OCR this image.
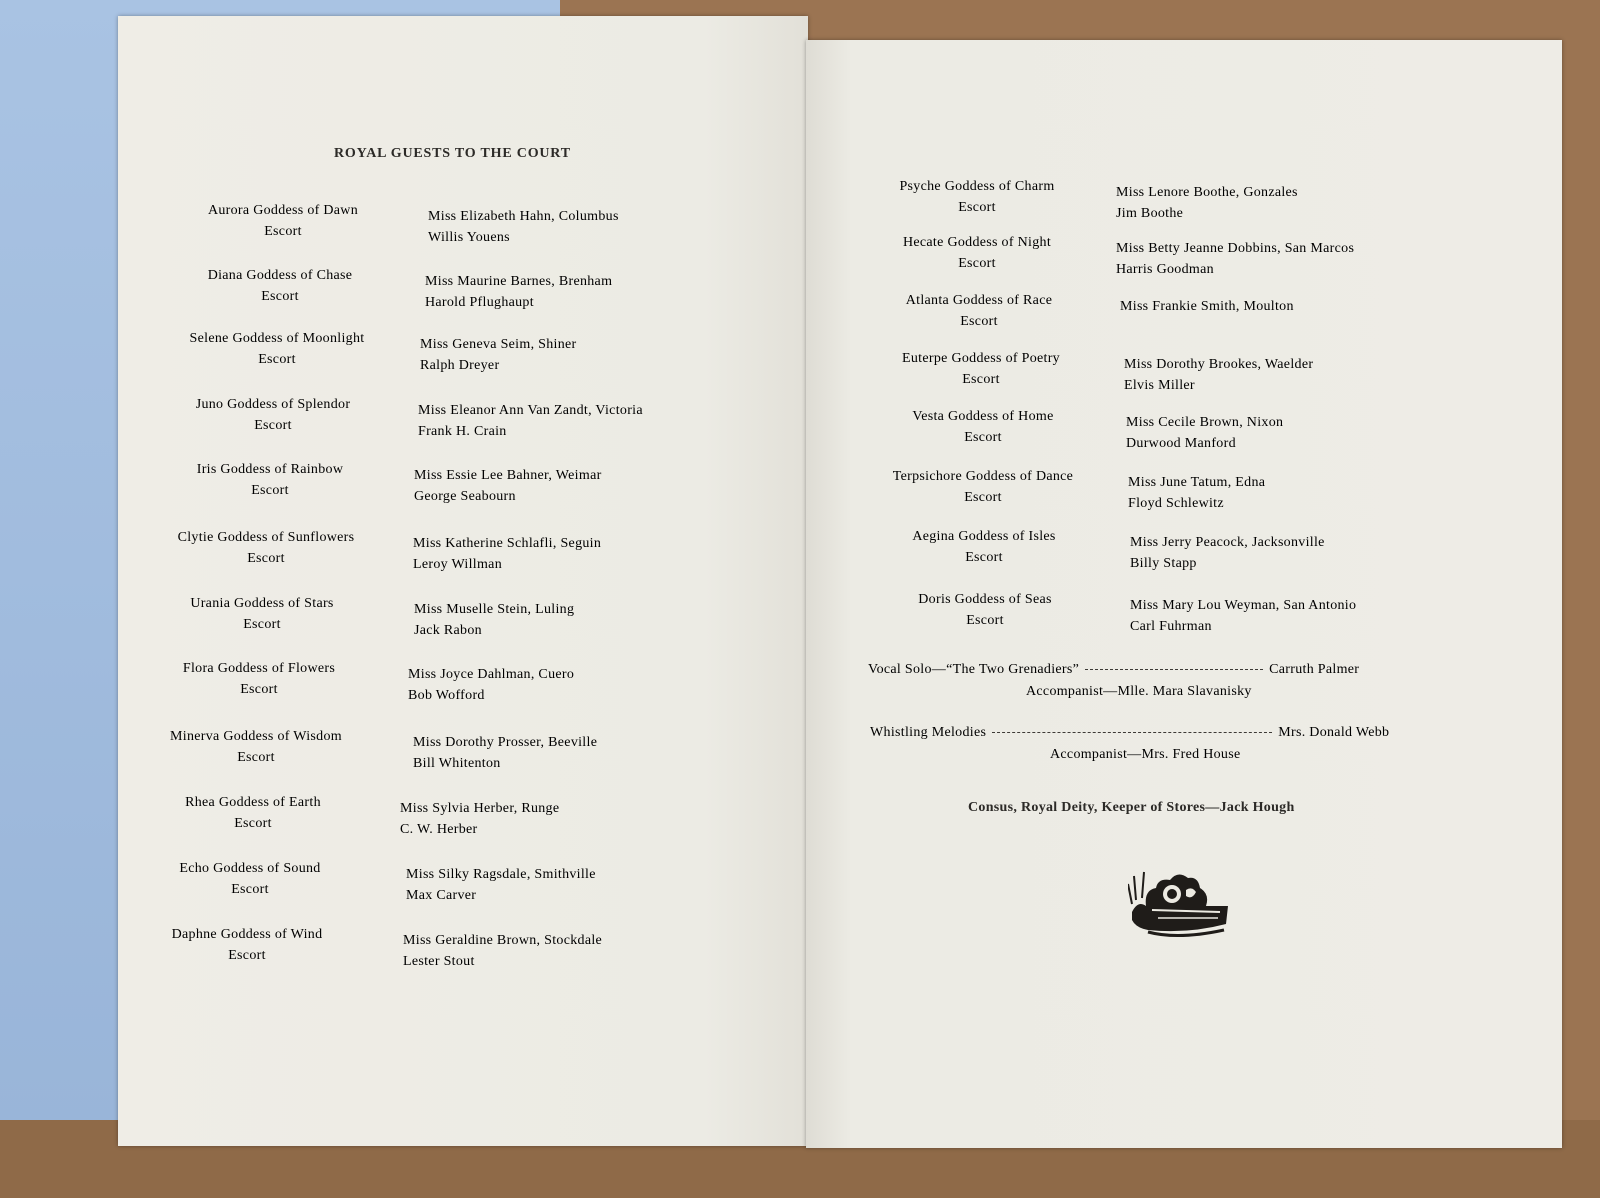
ROYAL GUESTS TO THE COURT
Aurora Goddess of Dawn
Escort
Miss Elizabeth Hahn, Columbus
Willis Youens
Diana Goddess of Chase
Escort
Miss Maurine Barnes, Brenham
Harold Pflughaupt
Selene Goddess of Moonlight
Escort
Miss Geneva Seim, Shiner
Ralph Dreyer
Juno Goddess of Splendor
Escort
Miss Eleanor Ann Van Zandt, Victoria
Frank H. Crain
Iris Goddess of Rainbow
Escort
Miss Essie Lee Bahner, Weimar
George Seabourn
Clytie Goddess of Sunflowers
Escort
Miss Katherine Schlafli, Seguin
Leroy Willman
Urania Goddess of Stars
Escort
Miss Muselle Stein, Luling
Jack Rabon
Flora Goddess of Flowers
Escort
Miss Joyce Dahlman, Cuero
Bob Wofford
Minerva Goddess of Wisdom
Escort
Miss Dorothy Prosser, Beeville
Bill Whitenton
Rhea Goddess of Earth
Escort
Miss Sylvia Herber, Runge
C. W. Herber
Echo Goddess of Sound
Escort
Miss Silky Ragsdale, Smithville
Max Carver
Daphne Goddess of Wind
Escort
Miss Geraldine Brown, Stockdale
Lester Stout
Psyche Goddess of Charm
Escort
Miss Lenore Boothe, Gonzales
Jim Boothe
Hecate Goddess of Night
Escort
Miss Betty Jeanne Dobbins, San Marcos
Harris Goodman
Atlanta Goddess of Race
Escort
Miss Frankie Smith, Moulton
Euterpe Goddess of Poetry
Escort
Miss Dorothy Brookes, Waelder
Elvis Miller
Vesta Goddess of Home
Escort
Miss Cecile Brown, Nixon
Durwood Manford
Terpsichore Goddess of Dance
Escort
Miss June Tatum, Edna
Floyd Schlewitz
Aegina Goddess of Isles
Escort
Miss Jerry Peacock, Jacksonville
Billy Stapp
Doris Goddess of Seas
Escort
Miss Mary Lou Weyman, San Antonio
Carl Fuhrman
Vocal Solo—“The Two Grenadiers”	Carruth Palmer
Accompanist—Mlle. Mara Slavanisky
Whistling Melodies	Mrs. Donald Webb
Accompanist—Mrs. Fred House
Consus, Royal Deity, Keeper of Stores—Jack Hough
